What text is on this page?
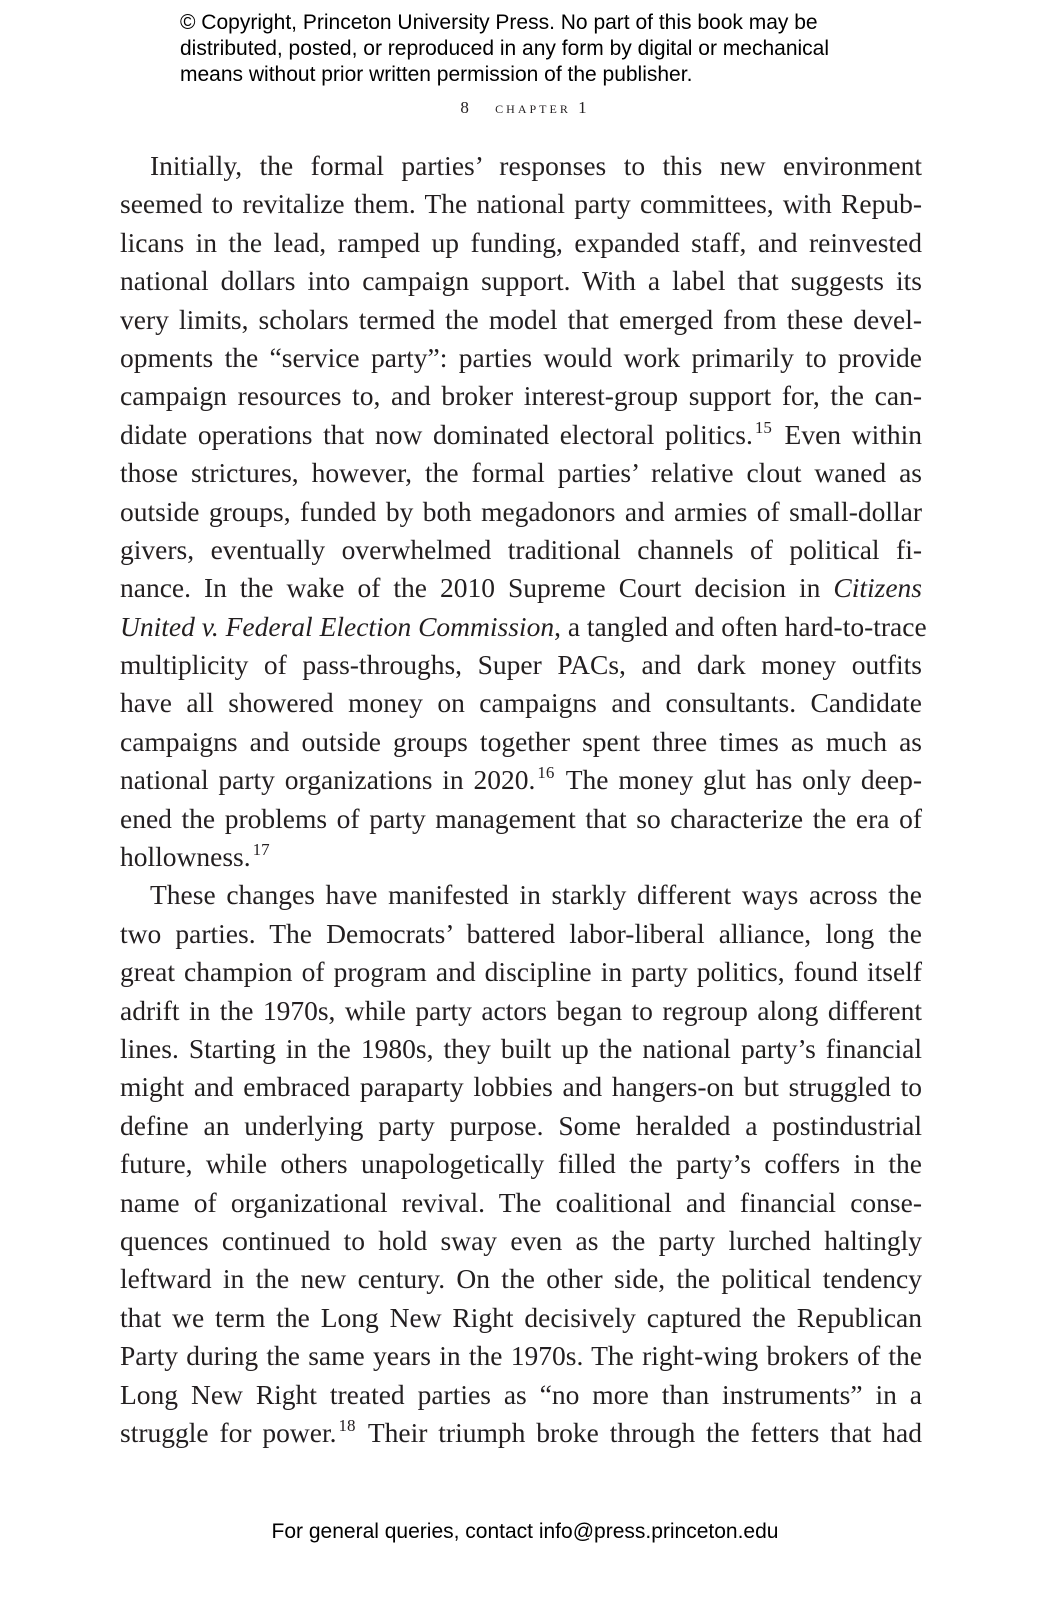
© Copyright, Princeton University Press. No part of this book may be
distributed, posted, or reproduced in any form by digital or mechanical
means without prior written permission of the publisher.
8 chapter 1
Initially, the formal parties’ responses to this new environment
seemed to revitalize them. The national party committees, with Repub-
licans in the lead, ramped up funding, expanded staff, and reinvested
national dollars into campaign support. With a label that suggests its
very limits, scholars termed the model that emerged from these devel-
opments the “service party”: parties would work primarily to provide
campaign resources to, and broker interest-group support for, the can-
didate operations that now dominated electoral politics. $^{15}$ Even within
those strictures, however, the formal parties’ relative clout waned as
outside groups, funded by both megadonors and armies of small-dollar
givers, eventually overwhelmed traditional channels of political fi-
nance. In the wake of the 2010 Supreme Court decision in Citizens
United v. Federal Election Commission, a tangled and often hard-to-trace
multiplicity of pass-throughs, Super PACs, and dark money outfits
have all showered money on campaigns and consultants. Candidate
campaigns and outside groups together spent three times as much as
national party organizations in 2020. $^{16}$ The money glut has only deep-
ened the problems of party management that so characterize the era of
hollowness. $^{17}$
These changes have manifested in starkly different ways across the
two parties. The Democrats’ battered labor-liberal alliance, long the
great champion of program and discipline in party politics, found itself
adrift in the 1970s, while party actors began to regroup along different
lines. Starting in the 1980s, they built up the national party’s financial
might and embraced paraparty lobbies and hangers-on but struggled to
define an underlying party purpose. Some heralded a postindustrial
future, while others unapologetically filled the party’s coffers in the
name of organizational revival. The coalitional and financial conse-
quences continued to hold sway even as the party lurched haltingly
leftward in the new century. On the other side, the political tendency
that we term the Long New Right decisively captured the Republican
Party during the same years in the 1970s. The right-wing brokers of the
Long New Right treated parties as “no more than instruments” in a
struggle for power. $^{18}$ Their triumph broke through the fetters that had
For general queries, contact info@press.princeton.edu
